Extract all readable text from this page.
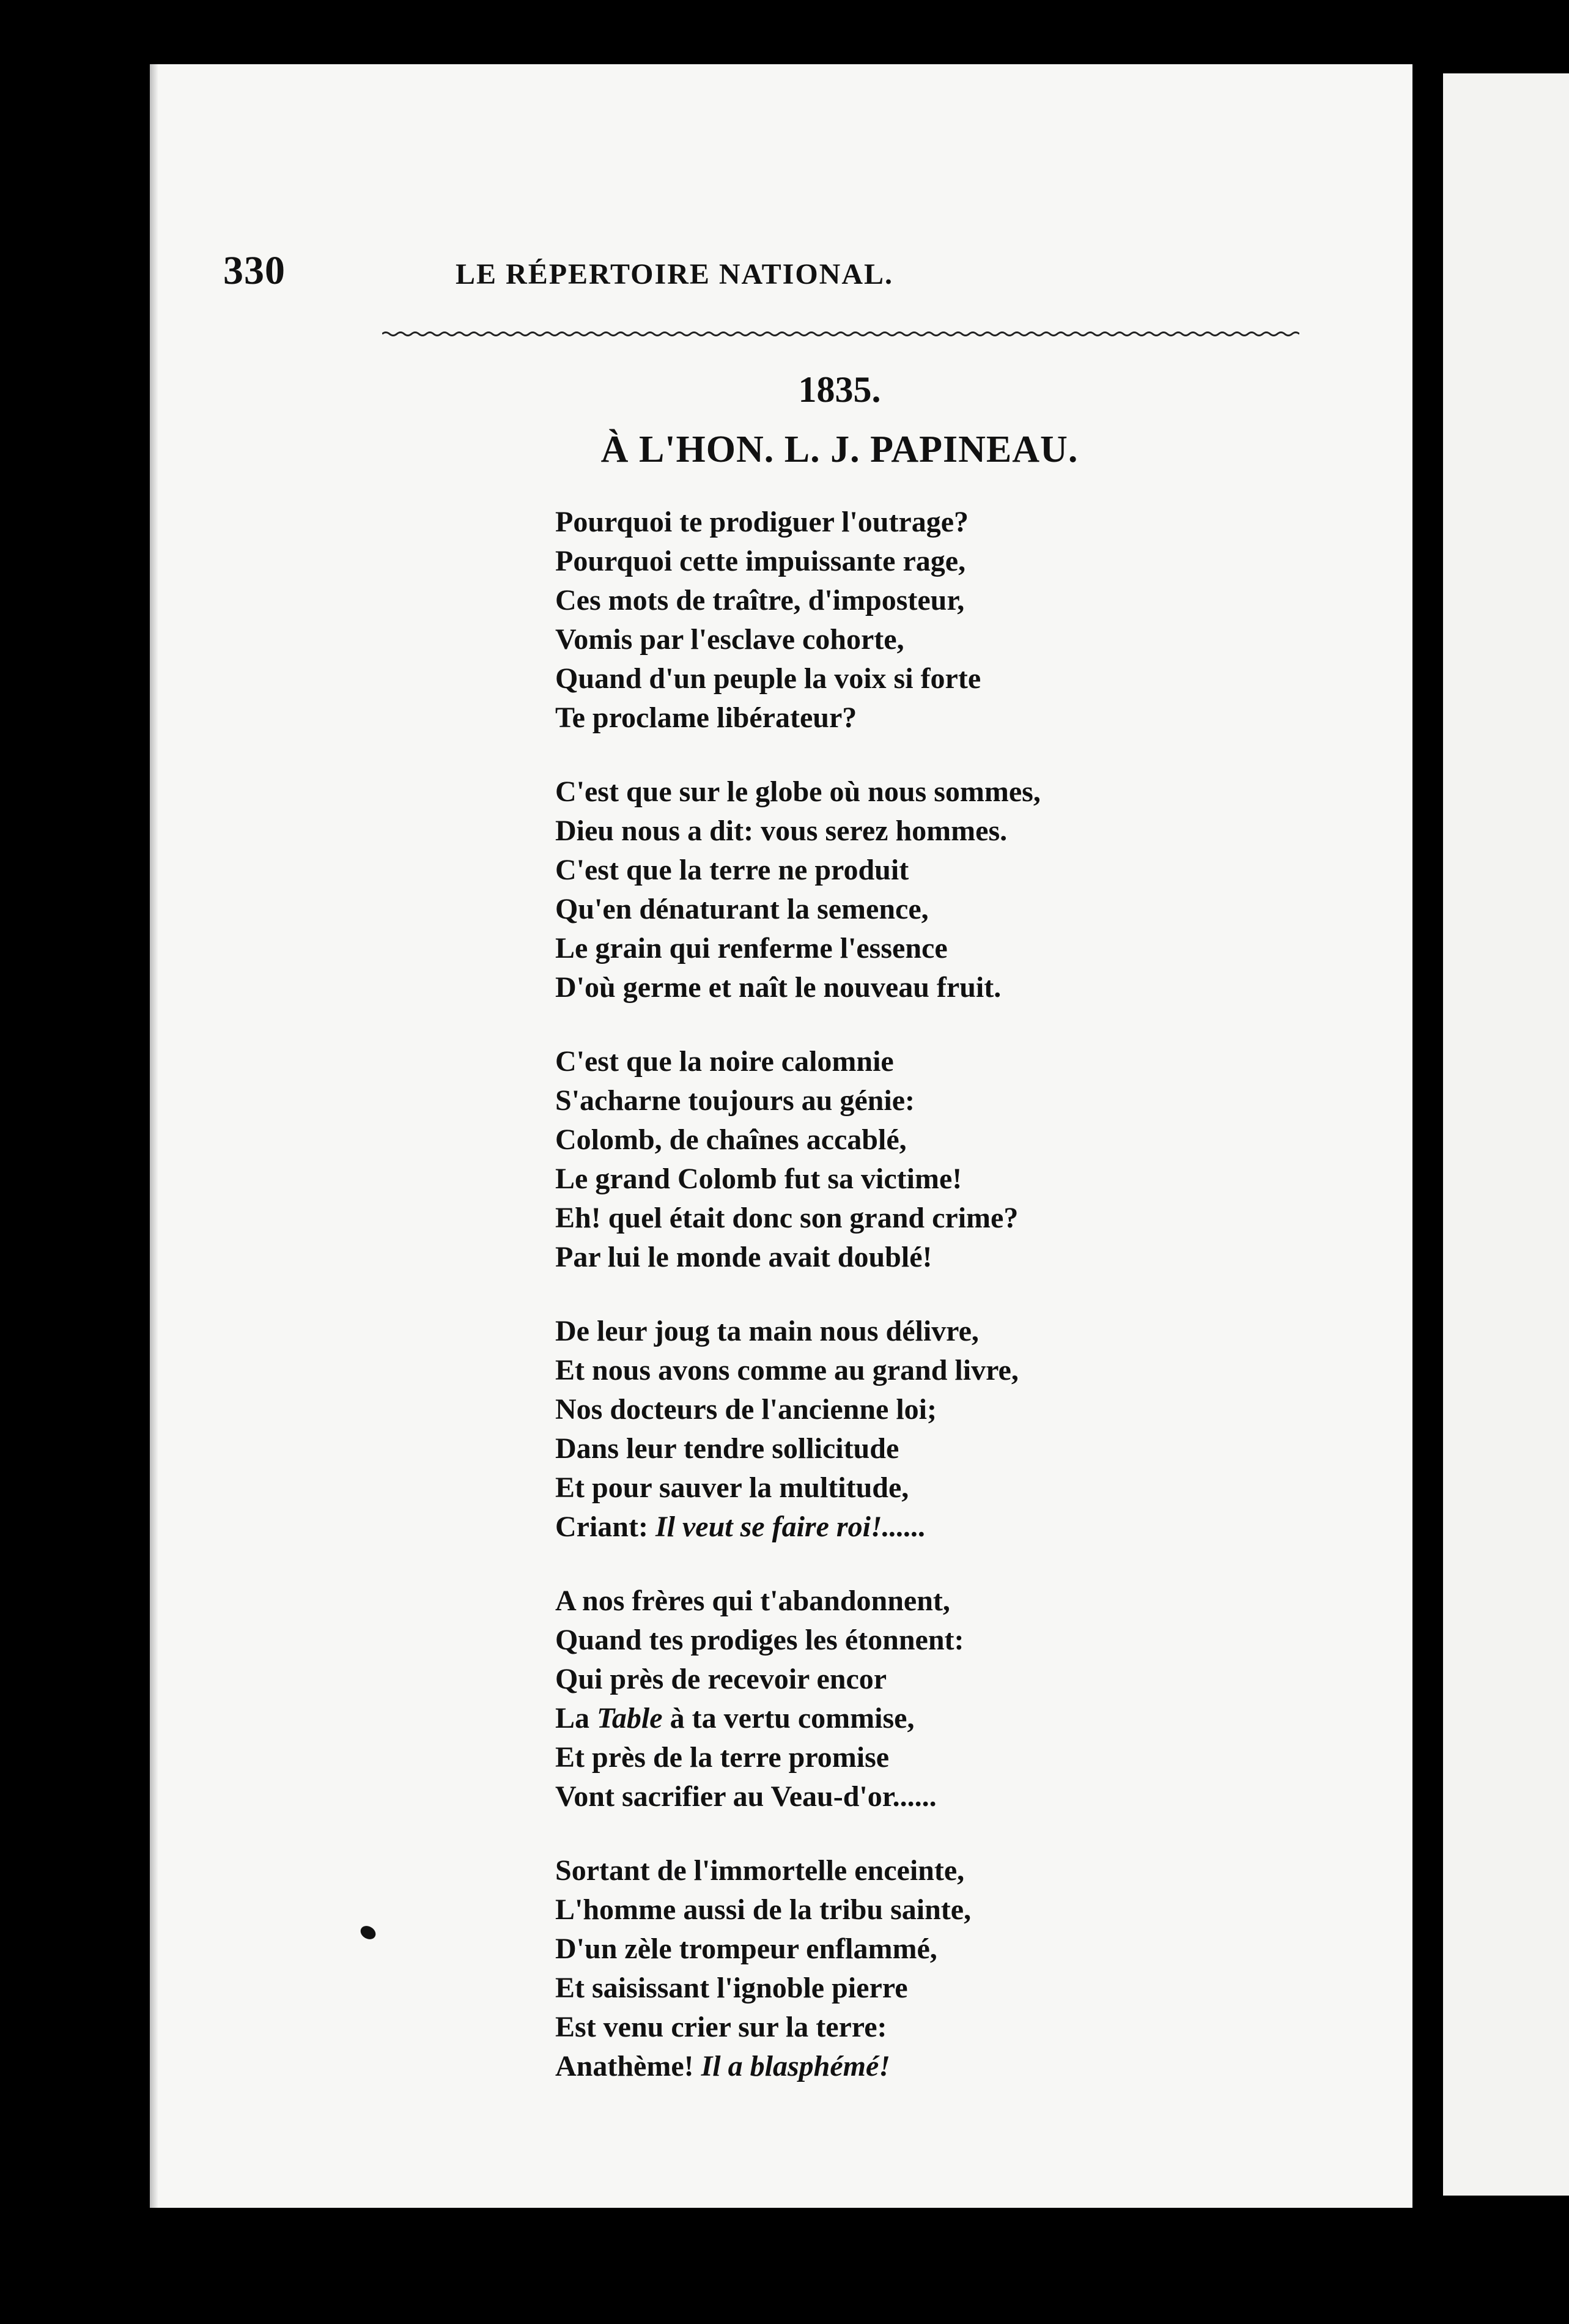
330	LE RÉPERTOIRE NATIONAL.
1835.
À L'HON. L. J. PAPINEAU.
Pourquoi te prodiguer l'outrage?
Pourquoi cette impuissante rage,
Ces mots de traître, d'imposteur,
Vomis par l'esclave cohorte,
Quand d'un peuple la voix si forte
Te proclame libérateur?
C'est que sur le globe où nous sommes,
Dieu nous a dit: vous serez hommes.
C'est que la terre ne produit
Qu'en dénaturant la semence,
Le grain qui renferme l'essence
D'où germe et naît le nouveau fruit.
C'est que la noire calomnie
S'acharne toujours au génie:
Colomb, de chaînes accablé,
Le grand Colomb fut sa victime!
Eh! quel était donc son grand crime?
Par lui le monde avait doublé!
De leur joug ta main nous délivre,
Et nous avons comme au grand livre,
Nos docteurs de l'ancienne loi;
Dans leur tendre sollicitude
Et pour sauver la multitude,
Criant: Il veut se faire roi!......
A nos frères qui t'abandonnent,
Quand tes prodiges les étonnent:
Qui près de recevoir encor
La Table à ta vertu commise,
Et près de la terre promise
Vont sacrifier au Veau-d'or......
Sortant de l'immortelle enceinte,
L'homme aussi de la tribu sainte,
D'un zèle trompeur enflammé,
Et saisissant l'ignoble pierre
Est venu crier sur la terre:
Anathème! Il a blasphémé!
